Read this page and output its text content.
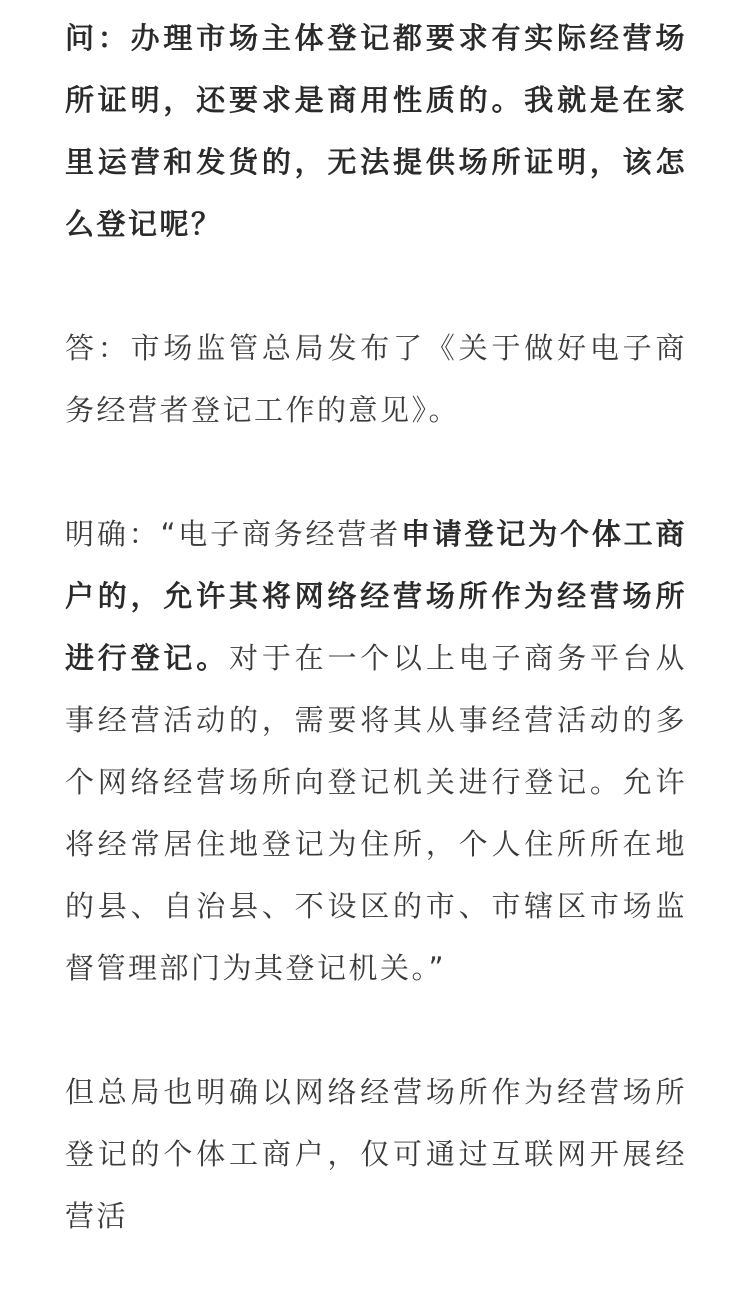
问：办理市场主体登记都要求有实际经营场所证明，还要求是商用性质的。我就是在家里运营和发货的，无法提供场所证明，该怎么登记呢？

答：市场监管总局发布了《关于做好电子商务经营者登记工作的意见》。

明确：“电子商务经营者申请登记为个体工商户的，允许其将网络经营场所作为经营场所进行登记。对于在一个以上电子商务平台从事经营活动的，需要将其从事经营活动的多个网络经营场所向登记机关进行登记。允许将经常居住地登记为住所，个人住所所在地的县、自治县、不设区的市、市辖区市场监督管理部门为其登记机关。”

但总局也明确以网络经营场所作为经营场所登记的个体工商户，仅可通过互联网开展经营活
